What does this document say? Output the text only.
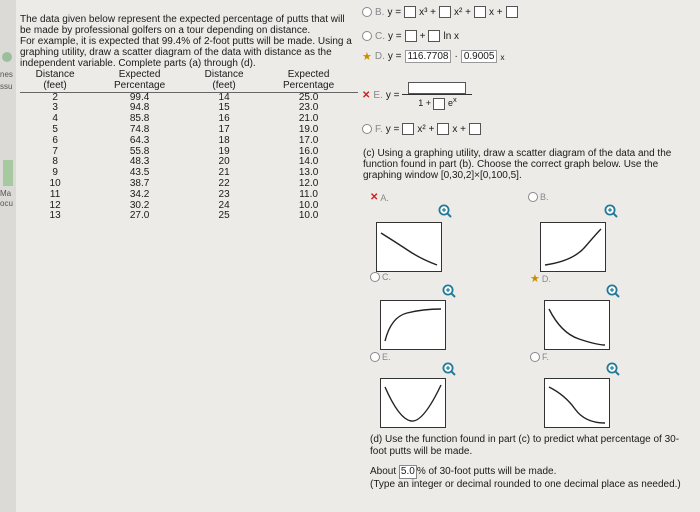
nes
ssu
Ma
ocu

The data given below represent the expected percentage of putts that will be made by professional golfers on a tour depending on distance.

For example, it is expected that 99.4% of 2-foot putts will be made. Using a graphing utility, draw a scatter diagram of the data with distance as the independent variable. Complete parts (a) through (d).

Distance (feet)	Expected Percentage	Distance (feet)	Expected Percentage
2	99.4	14	25.0
3	94.8	15	23.0
4	85.8	16	21.0
5	74.8	17	19.0
6	64.3	18	17.0
7	55.8	19	16.0
8	48.3	20	14.0
9	43.5	21	13.0
10	38.7	22	12.0
11	34.2	23	11.0
12	30.2	24	10.0
13	27.0	25	10.0
B. y = x³ + x² + x +
C. y = + ln x
★ D. y = 116.7708 · 0.9005 x
✕ E. y =
$1 + e^x$
F. y = x² + x +
(c) Using a graphing utility, draw a scatter diagram of the data and the function found in part (b). Choose the correct graph below. Use the graphing window [0,30,2]×[0,100,5].
✕ A.	B.
C.	★ D.
E.	F.
(d) Use the function found in part (c) to predict what percentage of 30-foot putts will be made.
About 5.0 % of 30-foot putts will be made.
(Type an integer or decimal rounded to one decimal place as needed.)
